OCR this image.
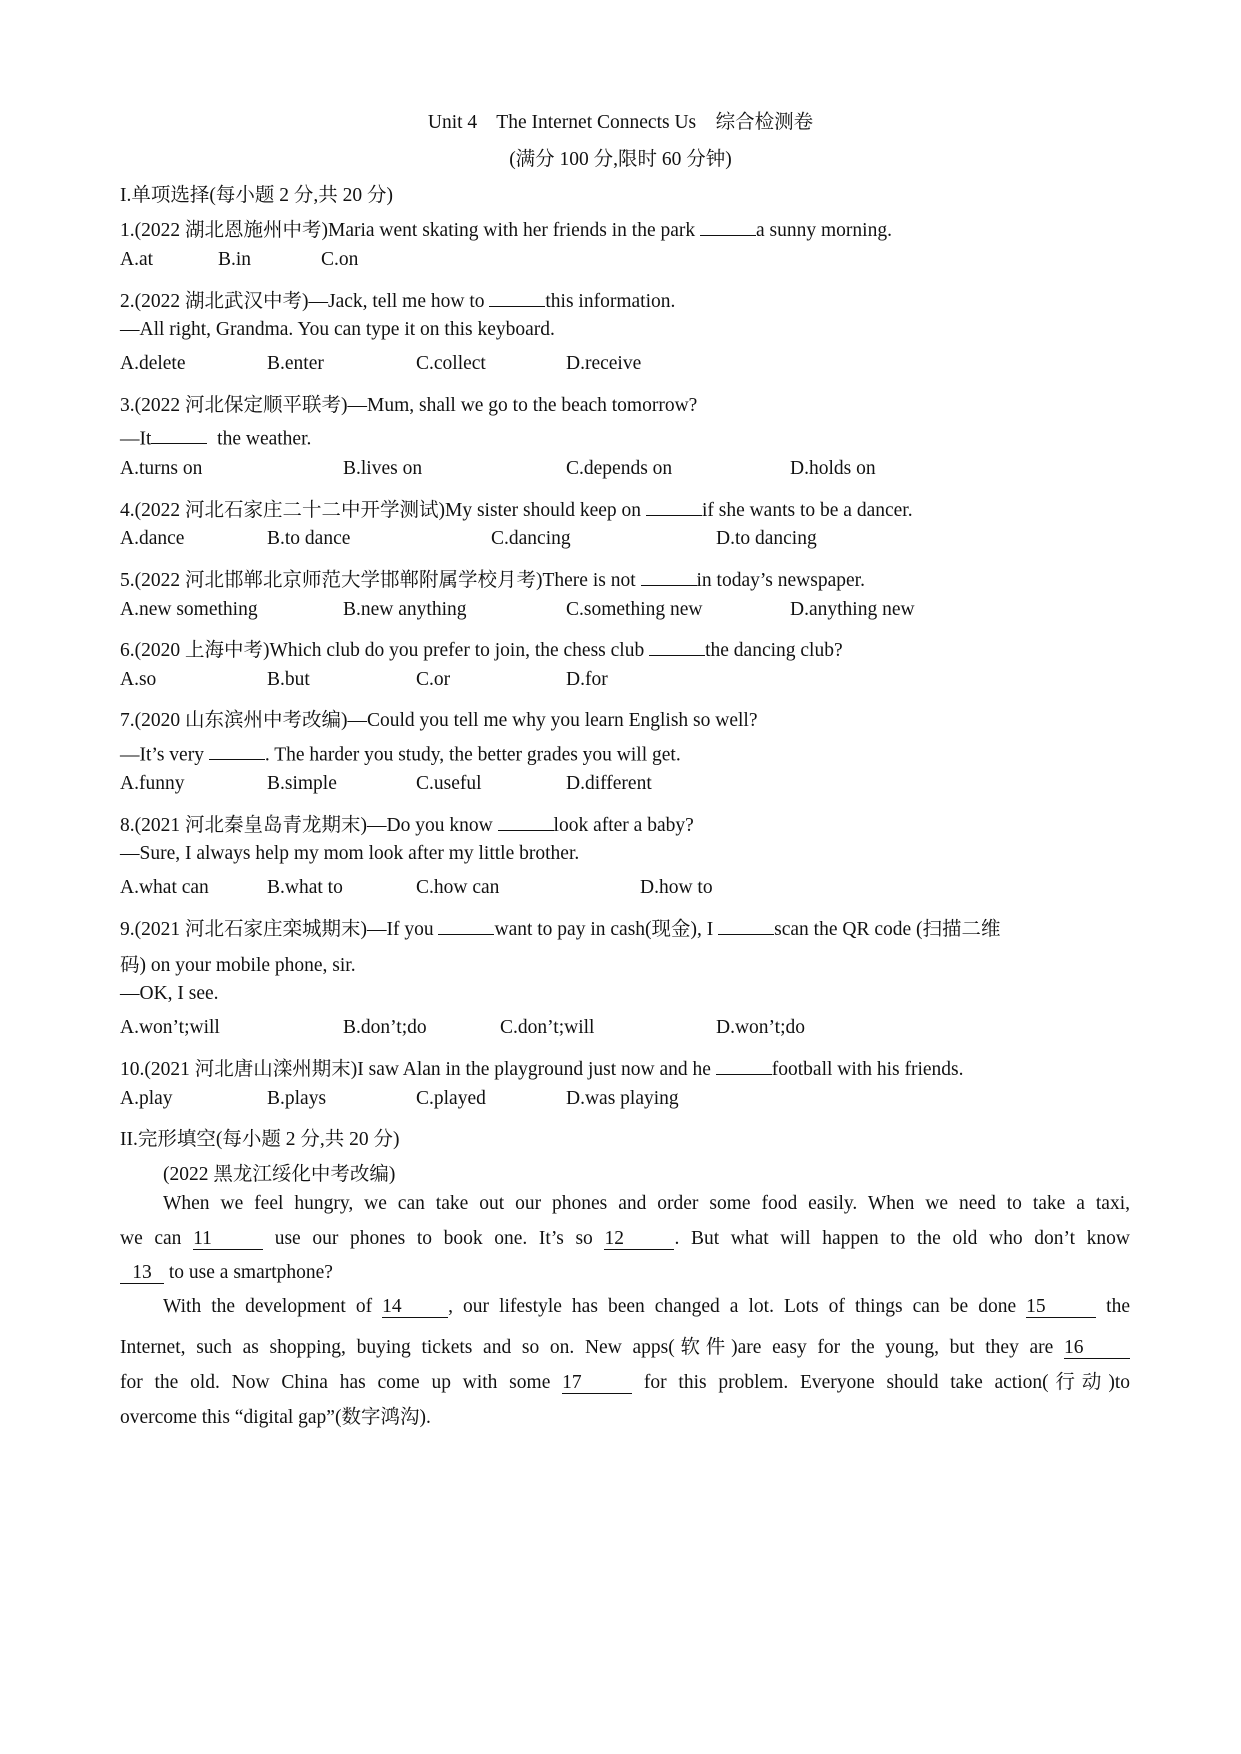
Unit 4    The Internet Connects Us    综合检测卷
(满分 100 分,限时 60 分钟)
I.单项选择(每小题 2 分,共 20 分)
1.(2022 湖北恩施州中考)Maria went skating with her friends in the park	a sunny morning.
A.at	B.in	C.on
2.(2022 湖北武汉中考)—Jack, tell me how to	this information.
—All right, Grandma. You can type it on this keyboard.
A.delete	B.enter	C.collect	D.receive
3.(2022 河北保定顺平联考)—Mum, shall we go to the beach tomorrow?
—It	the weather.
A.turns on	B.lives on	C.depends on	D.holds on
4.(2022 河北石家庄二十二中开学测试)My sister should keep on	if she wants to be a dancer.
A.dance	B.to dance	C.dancing	D.to dancing
5.(2022 河北邯郸北京师范大学邯郸附属学校月考)There is not	in today’s newspaper.
A.new something	B.new anything	C.something new	D.anything new
6.(2020 上海中考)Which club do you prefer to join, the chess club	the dancing club?
A.so	B.but	C.or	D.for
7.(2020 山东滨州中考改编)—Could you tell me why you learn English so well?
—It’s very	. The harder you study, the better grades you will get.
A.funny	B.simple	C.useful	D.different
8.(2021 河北秦皇岛青龙期末)—Do you know	look after a baby?
—Sure, I always help my mom look after my little brother.
A.what can	B.what to	C.how can	D.how to
9.(2021 河北石家庄栾城期末)—If you	want to pay in cash(现金), I	scan the QR code (扫描二维
码) on your mobile phone, sir.
—OK, I see.
A.won’t;will	B.don’t;do	C.don’t;will	D.won’t;do
10.(2021 河北唐山滦州期末)I saw Alan in the playground just now and he	football with his friends.
A.play	B.plays	C.played	D.was playing
II.完形填空(每小题 2 分,共 20 分)
(2022 黑龙江绥化中考改编)
When we feel hungry, we can take out our phones and order some food easily. When we need to take a taxi,
we can 11	use our phones to book one. It’s so 12	. But what will happen to the old who don’t know
13 to use a smartphone?
With the development of 14 , our lifestyle has been changed a lot. Lots of things can be done 15	the
Internet, such as shopping, buying tickets and so on. New apps(软件)are easy for the young, but they are 16
for the old. Now China has come up with some 17	for this problem. Everyone should take action(行动)to
overcome this “digital gap”(数字鸿沟).
